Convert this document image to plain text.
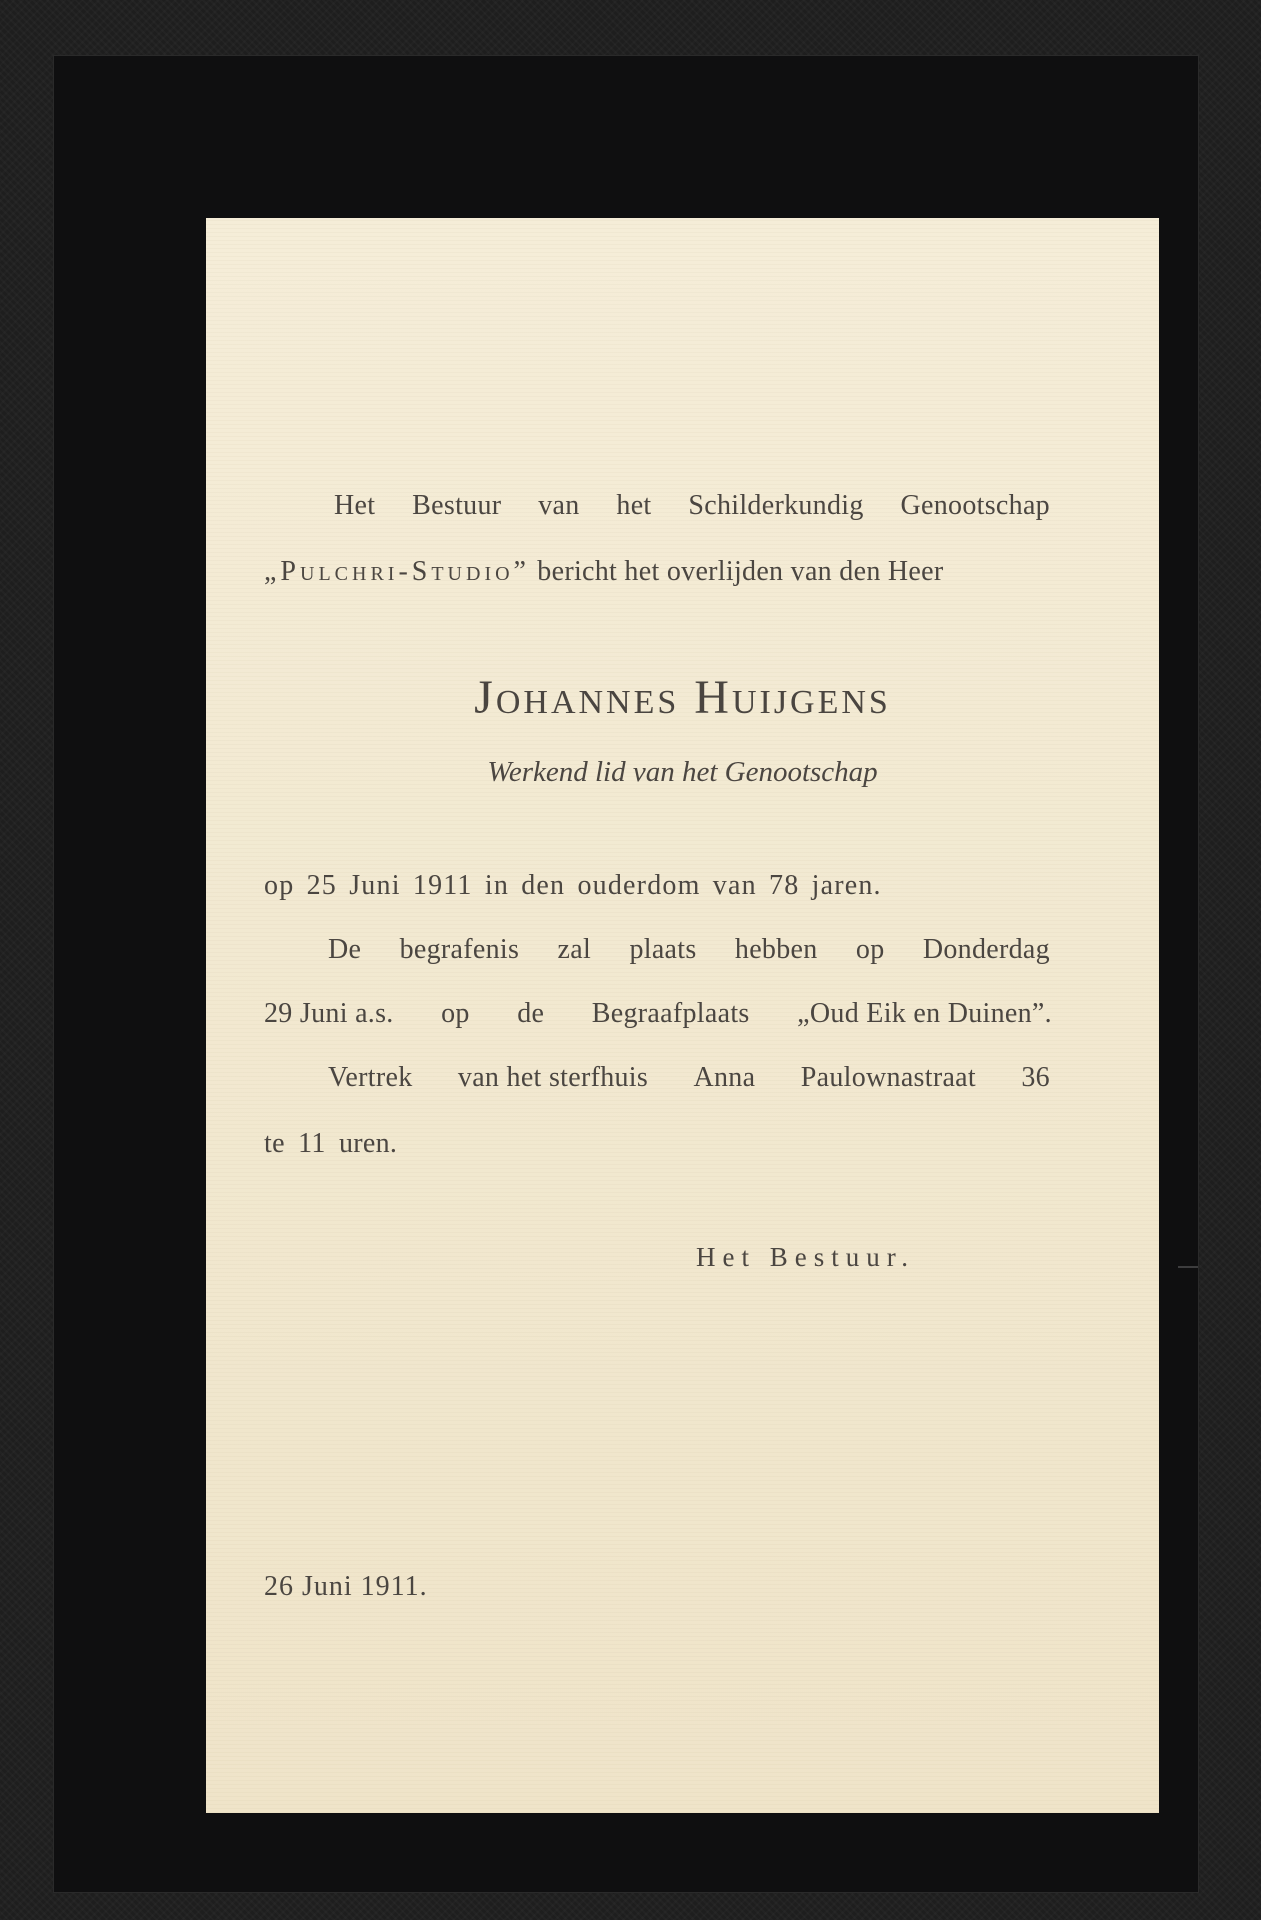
Het Bestuur van het Schilderkundig Genootschap
„Pulchri-Studio” bericht het overlijden van den Heer
Johannes Huijgens
Werkend lid van het Genootschap
op 25 Juni 1911 in den ouderdom van 78 jaren.
De begrafenis zal plaats hebben op Donderdag
29 Juni a.s. op de Begraafplaats „Oud Eik en Duinen”.
Vertrek van het sterfhuis Anna Paulownastraat 36
te 11 uren.
Het Bestuur.
26 Juni 1911.
